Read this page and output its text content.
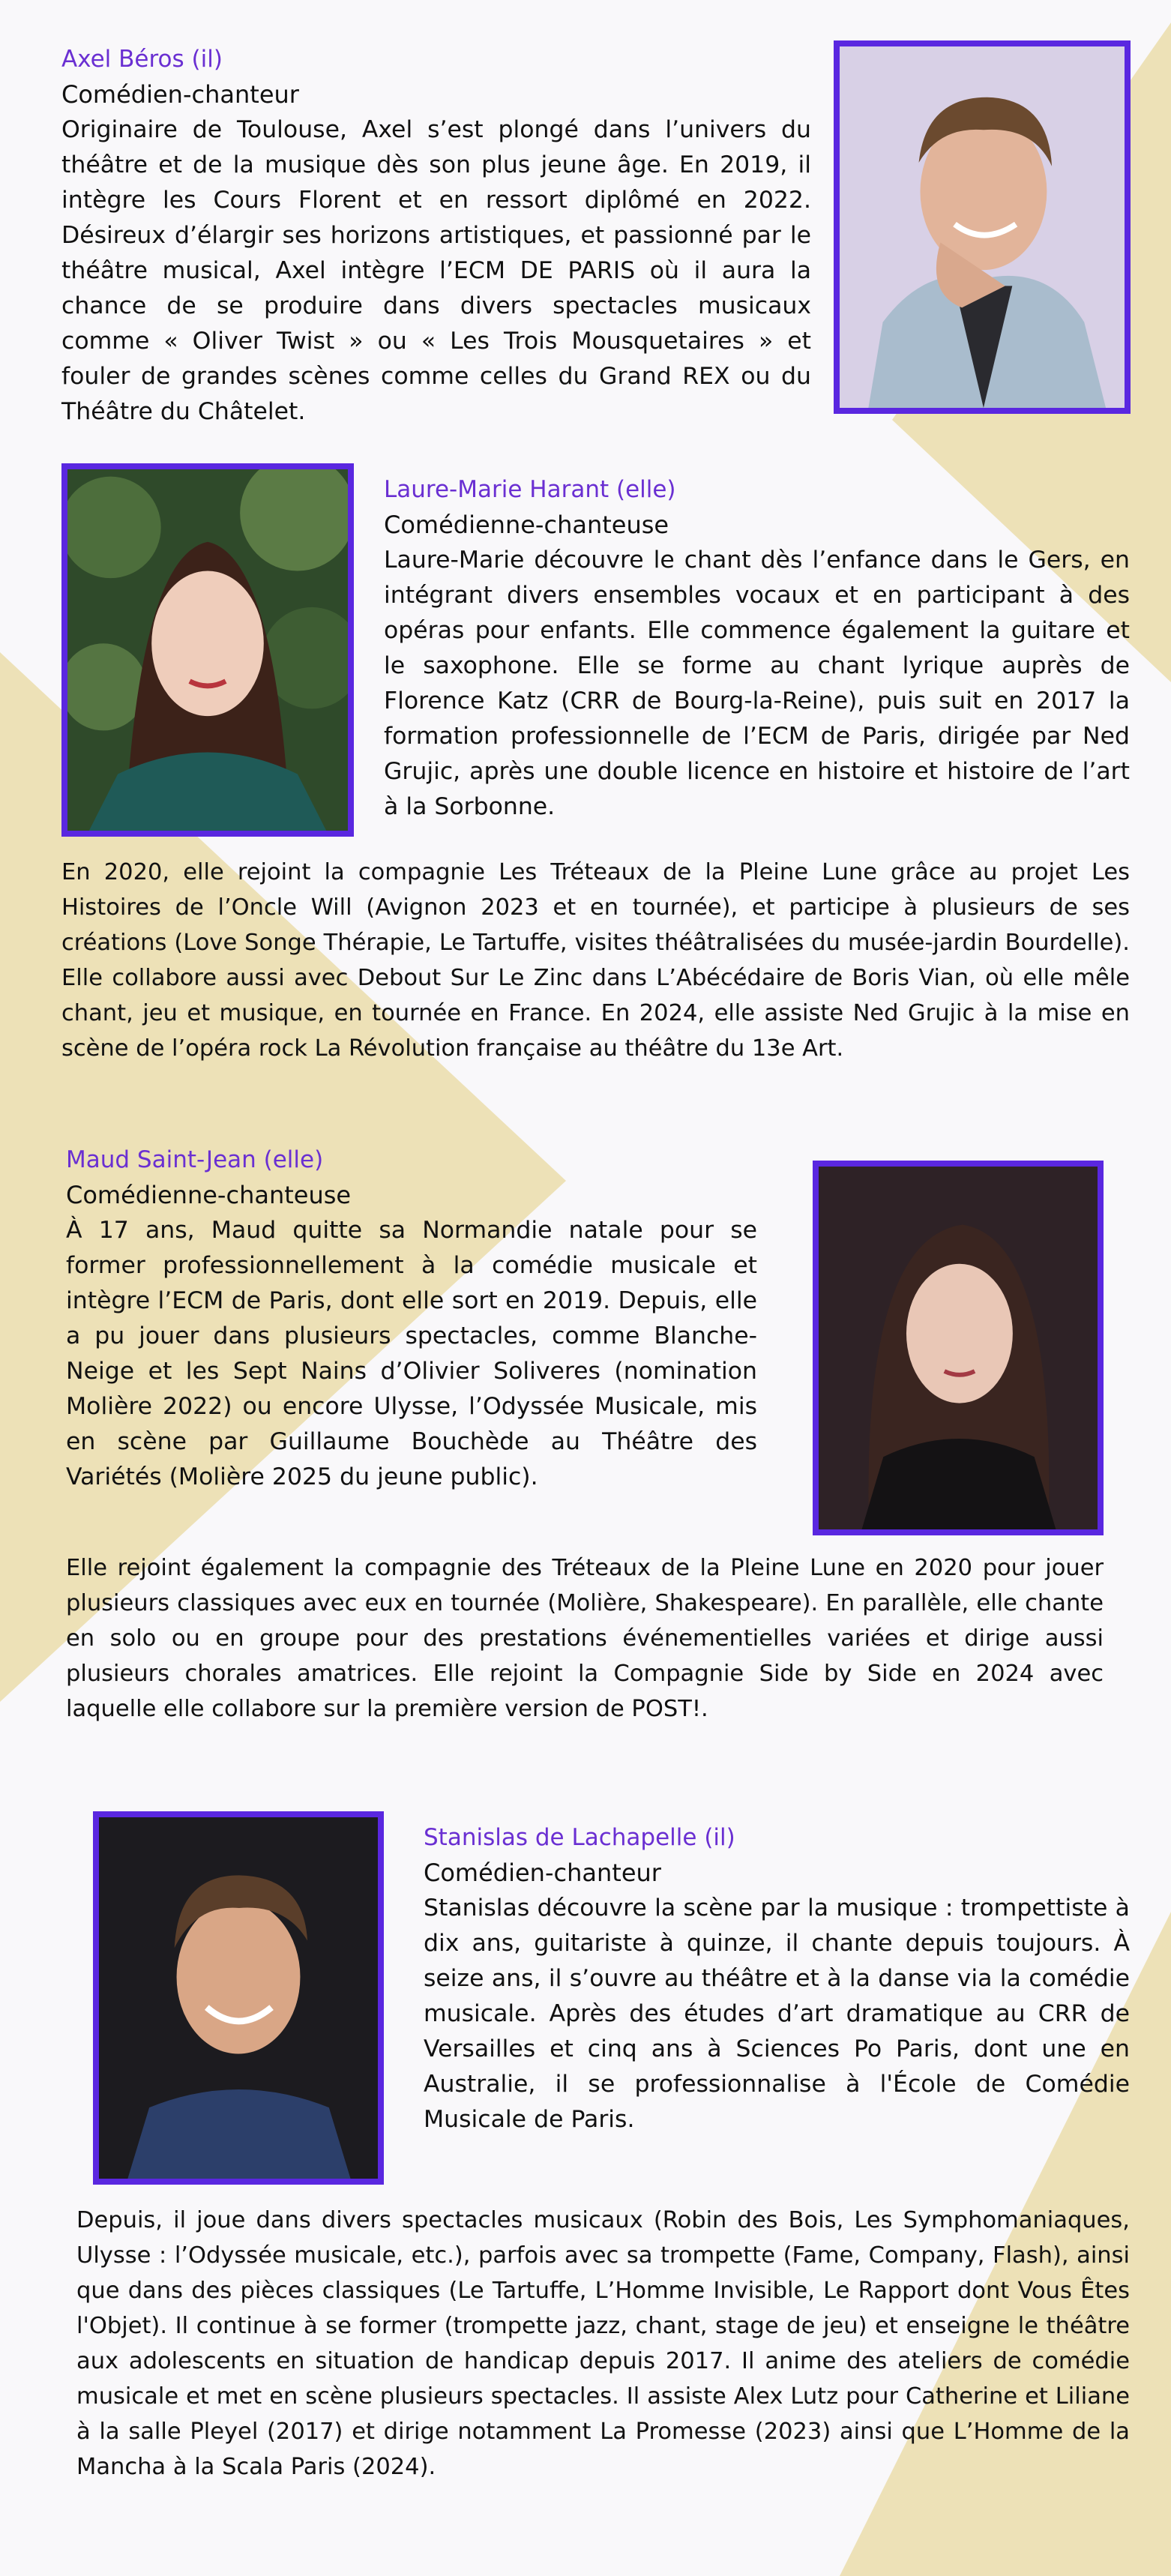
Axel Béros (il)
Comédien-chanteur

Originaire de Toulouse, Axel s’est plongé dans l’univers du théâtre et de la musique dès son plus jeune âge. En 2019, il intègre les Cours Florent et en ressort diplômé en 2022. Désireux d’élargir ses horizons artistiques, et passionné par le théâtre musical, Axel intègre l’ECM DE PARIS où il aura la chance de se produire dans divers spectacles musicaux comme « Oliver Twist » ou « Les Trois Mousquetaires » et fouler de grandes scènes comme celles du Grand REX ou du Théâtre du Châtelet.

Laure-Marie Harant (elle)
Comédienne-chanteuse

Laure-Marie découvre le chant dès l’enfance dans le Gers, en intégrant divers ensembles vocaux et en participant à des opéras pour enfants. Elle commence également la guitare et le saxophone. Elle se forme au chant lyrique auprès de Florence Katz (CRR de Bourg-la-Reine), puis suit en 2017 la formation professionnelle de l’ECM de Paris, dirigée par Ned Grujic, après une double licence en histoire et histoire de l’art à la Sorbonne.

En 2020, elle rejoint la compagnie Les Tréteaux de la Pleine Lune grâce au projet Les Histoires de l’Oncle Will (Avignon 2023 et en tournée), et participe à plusieurs de ses créations (Love Songe Thérapie, Le Tartuffe, visites théâtralisées du musée-jardin Bourdelle). Elle collabore aussi avec Debout Sur Le Zinc dans L’Abécédaire de Boris Vian, où elle mêle chant, jeu et musique, en tournée en France. En 2024, elle assiste Ned Grujic à la mise en scène de l’opéra rock La Révolution française au théâtre du 13e Art.

Maud Saint-Jean (elle)
Comédienne-chanteuse

À 17 ans, Maud quitte sa Normandie natale pour se former professionnellement à la comédie musicale et intègre l’ECM de Paris, dont elle sort en 2019. Depuis, elle a pu jouer dans plusieurs spectacles, comme Blanche-Neige et les Sept Nains d’Olivier Soliveres (nomination Molière 2022) ou encore Ulysse, l’Odyssée Musicale, mis en scène par Guillaume Bouchède au Théâtre des Variétés (Molière 2025 du jeune public).

Elle rejoint également la compagnie des Tréteaux de la Pleine Lune en 2020 pour jouer plusieurs classiques avec eux en tournée (Molière, Shakespeare). En parallèle, elle chante en solo ou en groupe pour des prestations événementielles variées et dirige aussi plusieurs chorales amatrices. Elle rejoint la Compagnie Side by Side en 2024 avec laquelle elle collabore sur la première version de POST!.

Stanislas de Lachapelle (il)
Comédien-chanteur

Stanislas découvre la scène par la musique : trompettiste à dix ans, guitariste à quinze, il chante depuis toujours. À seize ans, il s’ouvre au théâtre et à la danse via la comédie musicale. Après des études d’art dramatique au CRR de Versailles et cinq ans à Sciences Po Paris, dont une en Australie, il se professionnalise à l'École de Comédie Musicale de Paris.

Depuis, il joue dans divers spectacles musicaux (Robin des Bois, Les Symphomaniaques, Ulysse : l’Odyssée musicale, etc.), parfois avec sa trompette (Fame, Company, Flash), ainsi que dans des pièces classiques (Le Tartuffe, L’Homme Invisible, Le Rapport dont Vous Êtes l'Objet). Il continue à se former (trompette jazz, chant, stage de jeu) et enseigne le théâtre aux adolescents en situation de handicap depuis 2017. Il anime des ateliers de comédie musicale et met en scène plusieurs spectacles. Il assiste Alex Lutz pour Catherine et Liliane à la salle Pleyel (2017) et dirige notamment La Promesse (2023) ainsi que L’Homme de la Mancha à la Scala Paris (2024).
